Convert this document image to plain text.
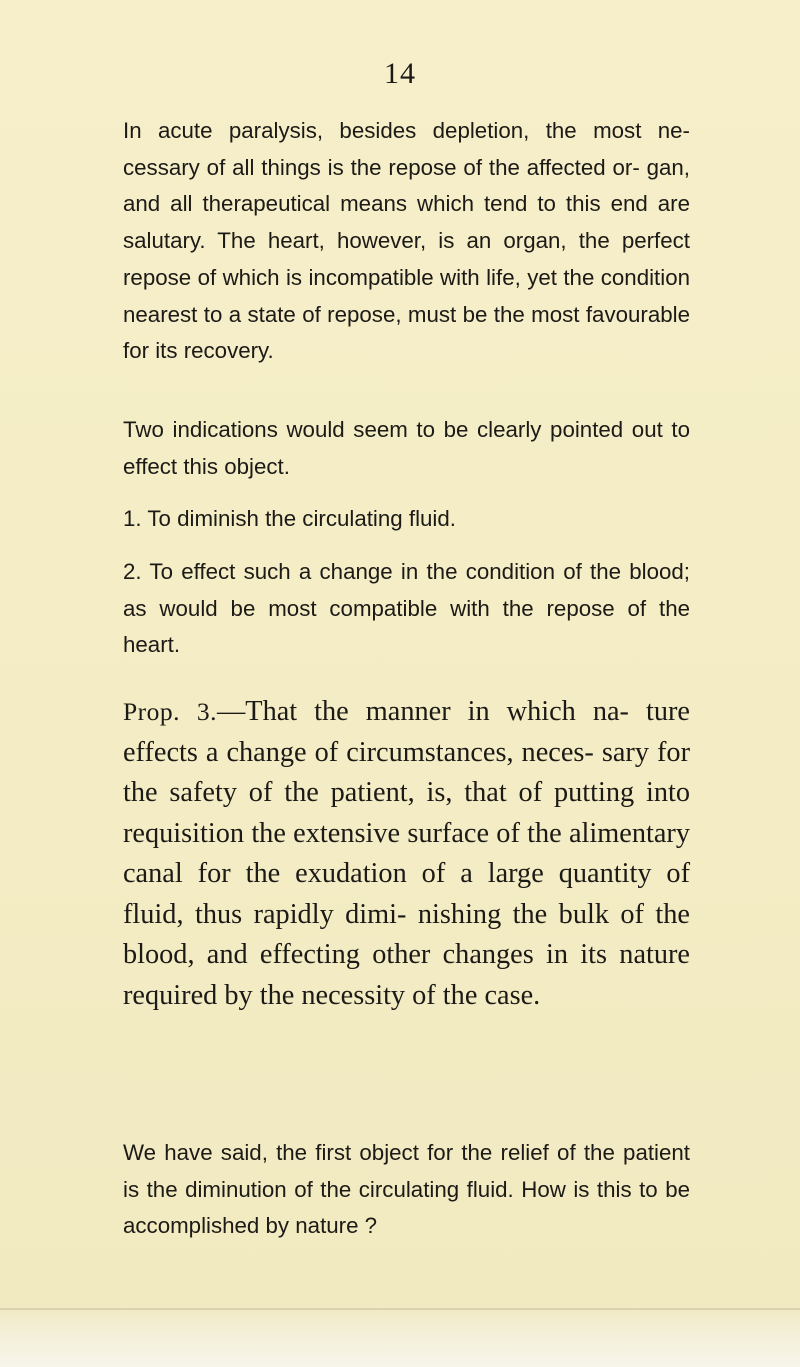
14

In acute paralysis, besides depletion, the most ne- cessary of all things is the repose of the affected or- gan, and all therapeutical means which tend to this end are salutary. The heart, however, is an organ, the perfect repose of which is incompatible with life, yet the condition nearest to a state of repose, must be the most favourable for its recovery.

Two indications would seem to be clearly pointed out to effect this object.

1. To diminish the circulating fluid.

2. To effect such a change in the condition of the blood; as would be most compatible with the repose of the heart.

Prop. 3.—That the manner in which na- ture effects a change of circumstances, neces- sary for the safety of the patient, is, that of putting into requisition the extensive surface of the alimentary canal for the exudation of a large quantity of fluid, thus rapidly dimi- nishing the bulk of the blood, and effecting other changes in its nature required by the necessity of the case.

We have said, the first object for the relief of the patient is the diminution of the circulating fluid. How is this to be accomplished by nature ?
